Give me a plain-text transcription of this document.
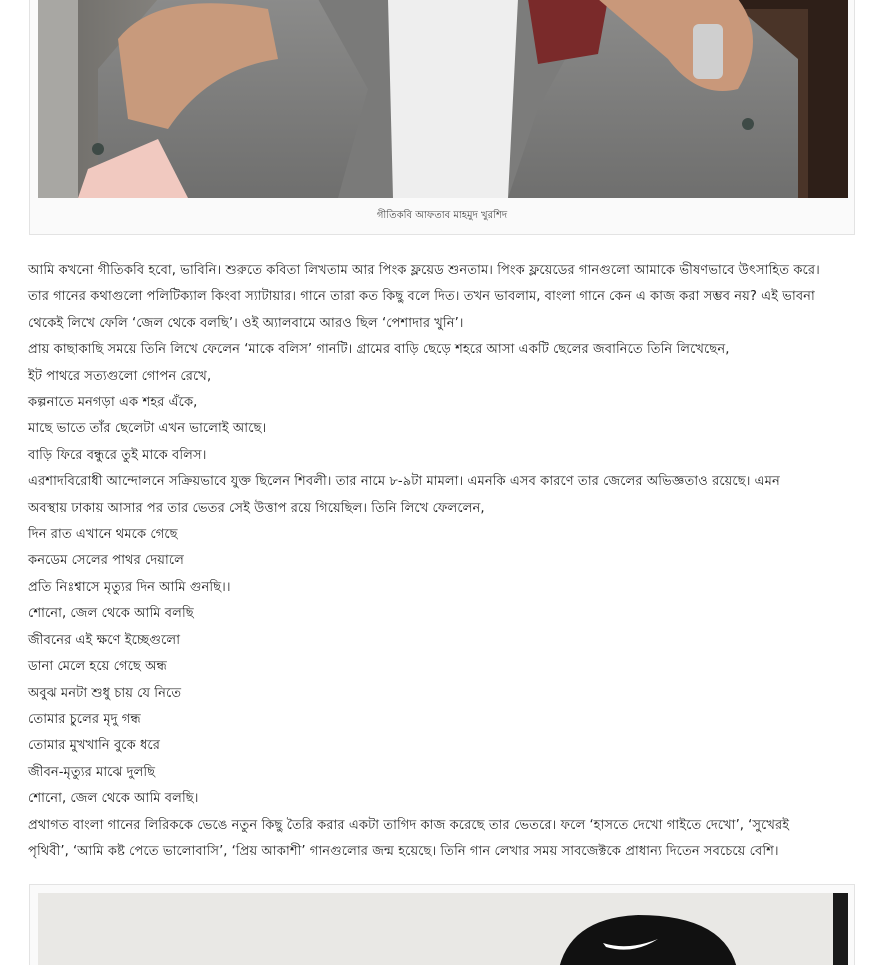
গীতিকবি আফতাব মাহমুদ খুরশিদ

আমি কখনো গীতিকবি হবো, ভাবিনি। শুরুতে কবিতা লিখতাম আর পিংক ফ্লয়েড শুনতাম। পিংক ফ্লয়েডের গানগুলো আমাকে ভীষণভাবে উৎসাহিত করে।

তার গানের কথাগুলো পলিটিক্যাল কিংবা স্যাটায়ার। গানে তারা কত কিছু বলে দিত। তখন ভাবলাম, বাংলা গানে কেন এ কাজ করা সম্ভব নয়? এই ভাবনা

থেকেই লিখে ফেলি ‘জেল থেকে বলছি’। ওই অ্যালবামে আরও ছিল ‘পেশাদার খুনি’।

প্রায় কাছাকাছি সময়ে তিনি লিখে ফেলেন ‘মাকে বলিস’ গানটি। গ্রামের বাড়ি ছেড়ে শহরে আসা একটি ছেলের জবানিতে তিনি লিখেছেন,

ইট পাথরে সত্যগুলো গোপন রেখে,

কল্পনাতে মনগড়া এক শহর এঁকে,

মাছে ভাতে তাঁর ছেলেটা এখন ভালোই আছে।

বাড়ি ফিরে বন্ধুরে তুই মাকে বলিস।

এরশাদবিরোধী আন্দোলনে সক্রিয়ভাবে যুক্ত ছিলেন শিবলী। তার নামে ৮-৯টা মামলা। এমনকি এসব কারণে তার জেলের অভিজ্ঞতাও রয়েছে। এমন

অবস্থায় ঢাকায় আসার পর তার ভেতর সেই উত্তাপ রয়ে গিয়েছিল। তিনি লিখে ফেললেন,

দিন রাত এখানে থমকে গেছে

কনডেম সেলের পাথর দেয়ালে

প্রতি নিঃশ্বাসে মৃত্যুর দিন আমি গুনছি।।

শোনো, জেল থেকে আমি বলছি

জীবনের এই ক্ষণে ইচ্ছেগুলো

ডানা মেলে হয়ে গেছে অন্ধ

অবুঝ মনটা শুধু চায় যে নিতে

তোমার চুলের মৃদু গন্ধ

তোমার মুখখানি বুকে ধরে

জীবন-মৃত্যুর মাঝে দুলছি

শোনো, জেল থেকে আমি বলছি।

প্রথাগত বাংলা গানের লিরিককে ভেঙে নতুন কিছু তৈরি করার একটা তাগিদ কাজ করেছে তার ভেতরে। ফলে ‘হাসতে দেখো গাইতে দেখো’, ‘সুখেরই

পৃথিবী’, ‘আমি কষ্ট পেতে ভালোবাসি’, ‘প্রিয় আকাশী’ গানগুলোর জন্ম হয়েছে। তিনি গান লেখার সময় সাবজেক্টকে প্রাধান্য দিতেন সবচেয়ে বেশি।
